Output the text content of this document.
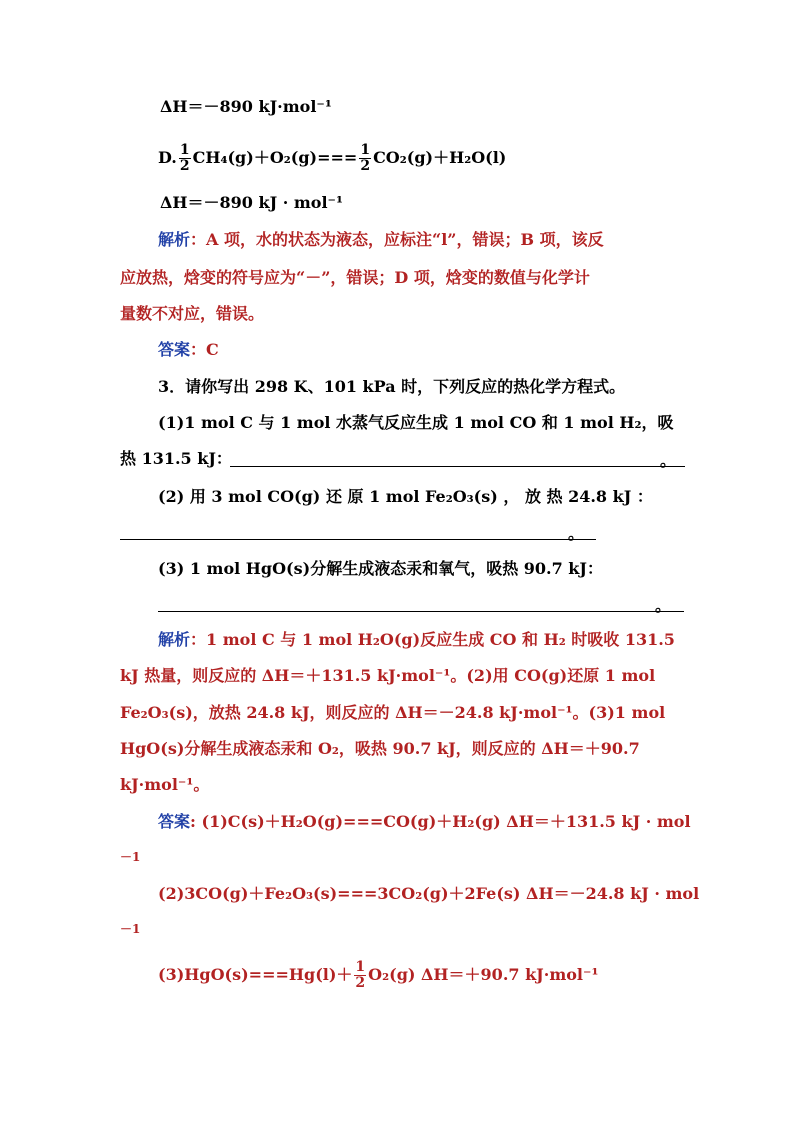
ΔH＝－890 kJ·mol⁻¹
D. $\frac{1}{2} CH_4(g)+O_2(g)=== \frac{1}{2} CO_2(g)+H_2O(l)$
ΔH＝－890 kJ · mol⁻¹
解析：A 项，水的状态为液态，应标注“l”，错误；B 项，该反
应放热，焓变的符号应为“－”，错误；D 项，焓变的数值与化学计
量数不对应，错误。
答案：C
3．请你写出 298 K、101 kPa 时，下列反应的热化学方程式。
(1)1 mol C 与 1 mol 水蒸气反应生成 1 mol CO 和 1 mol H₂，吸
热 131.5 kJ：	。
(2) 用 3 mol CO(g) 还 原 1 mol Fe₂O₃(s) ， 放 热 24.8 kJ ：
。
(3) 1 mol HgO(s)分解生成液态汞和氧气，吸热 90.7 kJ：
。
解析：1 mol C 与 1 mol H₂O(g)反应生成 CO 和 H₂ 时吸收 131.5
kJ 热量，则反应的 ΔH＝＋131.5 kJ·mol⁻¹。(2)用 CO(g)还原 1 mol
Fe₂O₃(s)，放热 24.8 kJ，则反应的 ΔH＝－24.8 kJ·mol⁻¹。(3)1 mol
HgO(s)分解生成液态汞和 O₂，吸热 90.7 kJ，则反应的 ΔH＝＋90.7
kJ·mol⁻¹。
答案: (1)C(s)＋H₂O(g)===CO(g)＋H₂(g) ΔH＝＋131.5 kJ · mol
－1
(2)3CO(g)＋Fe₂O₃(s)===3CO₂(g)＋2Fe(s) ΔH＝－24.8 kJ · mol
－1
$(3)HgO(s)===Hg(l)+ \frac{1}{2} O_2(g)$ ΔH＝＋90.7 kJ·mol⁻¹
